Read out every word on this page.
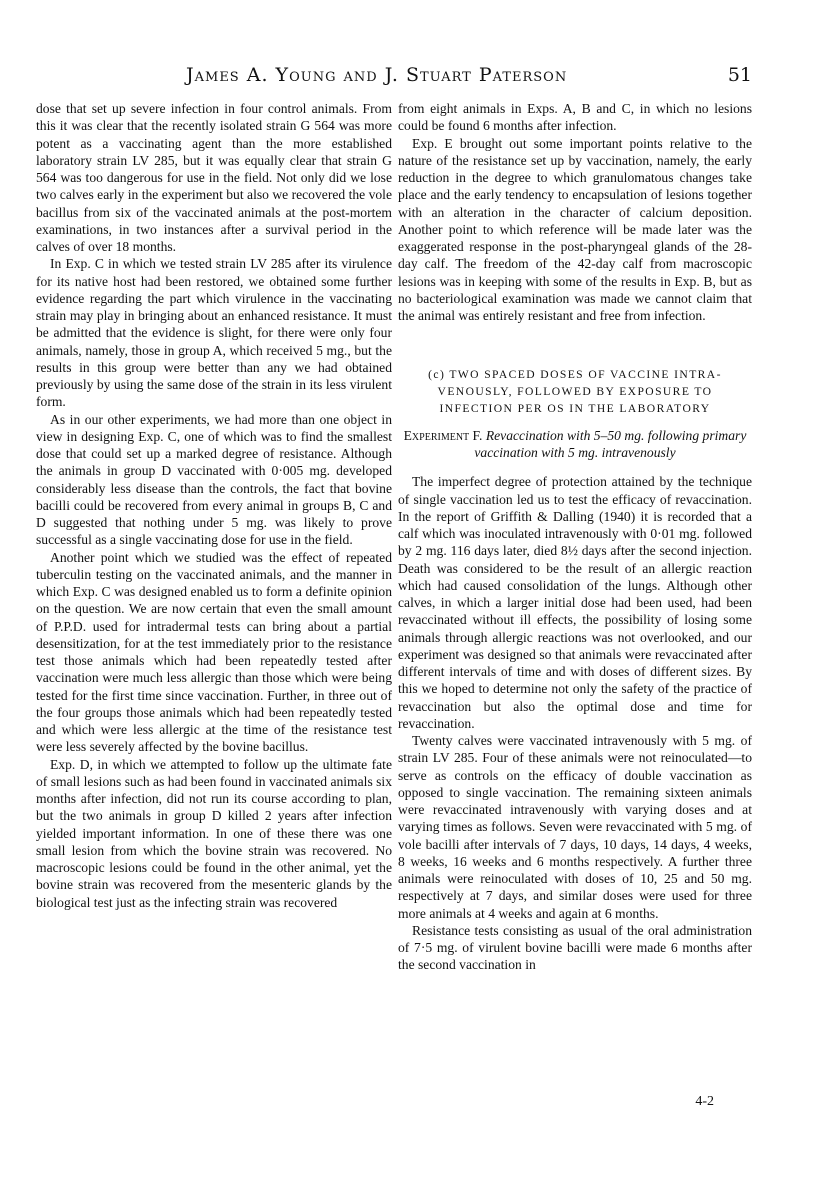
James A. Young and J. Stuart Paterson	51

dose that set up severe infection in four control animals. From this it was clear that the recently isolated strain G 564 was more potent as a vaccinating agent than the more established laboratory strain LV 285, but it was equally clear that strain G 564 was too dangerous for use in the field. Not only did we lose two calves early in the experiment but also we recovered the vole bacillus from six of the vaccinated animals at the post-mortem examinations, in two instances after a survival period in the calves of over 18 months.

In Exp. C in which we tested strain LV 285 after its virulence for its native host had been restored, we obtained some further evidence regarding the part which virulence in the vaccinating strain may play in bringing about an enhanced resistance. It must be admitted that the evidence is slight, for there were only four animals, namely, those in group A, which received 5 mg., but the results in this group were better than any we had obtained previously by using the same dose of the strain in its less virulent form.

As in our other experiments, we had more than one object in view in designing Exp. C, one of which was to find the smallest dose that could set up a marked degree of resistance. Although the animals in group D vaccinated with 0·005 mg. developed considerably less disease than the controls, the fact that bovine bacilli could be recovered from every animal in groups B, C and D suggested that nothing under 5 mg. was likely to prove successful as a single vaccinating dose for use in the field.

Another point which we studied was the effect of repeated tuberculin testing on the vaccinated animals, and the manner in which Exp. C was designed enabled us to form a definite opinion on the question. We are now certain that even the small amount of P.P.D. used for intradermal tests can bring about a partial desensitization, for at the test immediately prior to the resistance test those animals which had been repeatedly tested after vaccination were much less allergic than those which were being tested for the first time since vaccination. Further, in three out of the four groups those animals which had been repeatedly tested and which were less allergic at the time of the resistance test were less severely affected by the bovine bacillus.

Exp. D, in which we attempted to follow up the ultimate fate of small lesions such as had been found in vaccinated animals six months after infection, did not run its course according to plan, but the two animals in group D killed 2 years after infection yielded important information. In one of these there was one small lesion from which the bovine strain was recovered. No macroscopic lesions could be found in the other animal, yet the bovine strain was recovered from the mesenteric glands by the biological test just as the infecting strain was recovered

from eight animals in Exps. A, B and C, in which no lesions could be found 6 months after infection.

Exp. E brought out some important points relative to the nature of the resistance set up by vaccination, namely, the early reduction in the degree to which granulomatous changes take place and the early tendency to encapsulation of lesions together with an alteration in the character of calcium deposition. Another point to which reference will be made later was the exaggerated response in the post-pharyngeal glands of the 28-day calf. The freedom of the 42-day calf from macroscopic lesions was in keeping with some of the results in Exp. B, but as no bacteriological examination was made we cannot claim that the animal was entirely resistant and free from infection.

(c) TWO SPACED DOSES OF VACCINE INTRA-
VENOUSLY, FOLLOWED BY EXPOSURE TO
INFECTION PER OS IN THE LABORATORY
Experiment F. Revaccination with 5–50 mg. following primary vaccination with 5 mg. intravenously

The imperfect degree of protection attained by the technique of single vaccination led us to test the efficacy of revaccination. In the report of Griffith & Dalling (1940) it is recorded that a calf which was inoculated intravenously with 0·01 mg. followed by 2 mg. 116 days later, died 8½ days after the second injection. Death was considered to be the result of an allergic reaction which had caused consolidation of the lungs. Although other calves, in which a larger initial dose had been used, had been revaccinated without ill effects, the possibility of losing some animals through allergic reactions was not overlooked, and our experiment was designed so that animals were revaccinated after different intervals of time and with doses of different sizes. By this we hoped to determine not only the safety of the practice of revaccination but also the optimal dose and time for revaccination.

Twenty calves were vaccinated intravenously with 5 mg. of strain LV 285. Four of these animals were not reinoculated—to serve as controls on the efficacy of double vaccination as opposed to single vaccination. The remaining sixteen animals were revaccinated intravenously with varying doses and at varying times as follows. Seven were revaccinated with 5 mg. of vole bacilli after intervals of 7 days, 10 days, 14 days, 4 weeks, 8 weeks, 16 weeks and 6 months respectively. A further three animals were reinoculated with doses of 10, 25 and 50 mg. respectively at 7 days, and similar doses were used for three more animals at 4 weeks and again at 6 months.

Resistance tests consisting as usual of the oral administration of 7·5 mg. of virulent bovine bacilli were made 6 months after the second vaccination in

4-2
